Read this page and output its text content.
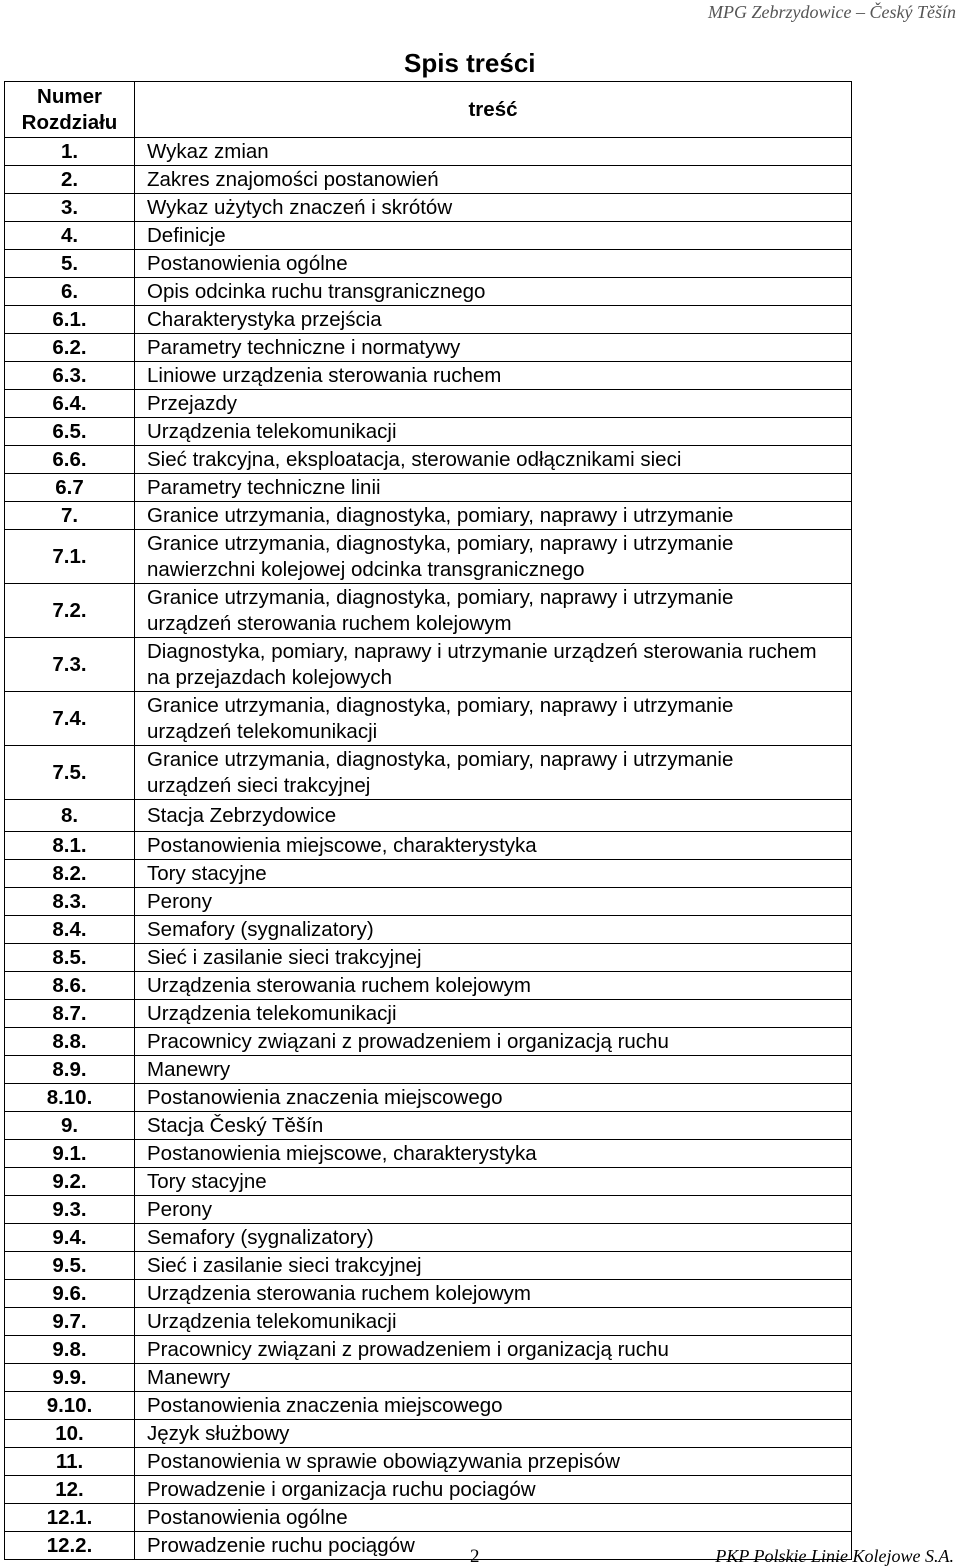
MPG Zebrzydowice – Český Těšín
Spis treści
Numer Rozdziału	treść
1.	Wykaz zmian
2.	Zakres znajomości postanowień
3.	Wykaz użytych znaczeń i skrótów
4.	Definicje
5.	Postanowienia ogólne
6.	Opis odcinka ruchu transgranicznego
6.1.	Charakterystyka przejścia
6.2.	Parametry techniczne i normatywy
6.3.	Liniowe urządzenia sterowania ruchem
6.4.	Przejazdy
6.5.	Urządzenia telekomunikacji
6.6.	Sieć trakcyjna, eksploatacja, sterowanie odłącznikami sieci
6.7	Parametry techniczne linii
7.	Granice utrzymania, diagnostyka, pomiary, naprawy i utrzymanie
7.1.	Granice utrzymania, diagnostyka, pomiary, naprawy i utrzymanie nawierzchni kolejowej odcinka transgranicznego
7.2.	Granice utrzymania, diagnostyka, pomiary, naprawy i utrzymanie urządzeń sterowania ruchem kolejowym
7.3.	Diagnostyka, pomiary, naprawy i utrzymanie urządzeń sterowania ruchem na przejazdach kolejowych
7.4.	Granice utrzymania, diagnostyka, pomiary, naprawy i utrzymanie urządzeń telekomunikacji
7.5.	Granice utrzymania, diagnostyka, pomiary, naprawy i utrzymanie urządzeń sieci trakcyjnej
8.	Stacja Zebrzydowice
8.1.	Postanowienia miejscowe, charakterystyka
8.2.	Tory stacyjne
8.3.	Perony
8.4.	Semafory (sygnalizatory)
8.5.	Sieć i zasilanie sieci trakcyjnej
8.6.	Urządzenia sterowania ruchem kolejowym
8.7.	Urządzenia telekomunikacji
8.8.	Pracownicy związani z prowadzeniem i organizacją ruchu
8.9.	Manewry
8.10.	Postanowienia znaczenia miejscowego
9.	Stacja Český Těšín
9.1.	Postanowienia miejscowe, charakterystyka
9.2.	Tory stacyjne
9.3.	Perony
9.4.	Semafory (sygnalizatory)
9.5.	Sieć i zasilanie sieci trakcyjnej
9.6.	Urządzenia sterowania ruchem kolejowym
9.7.	Urządzenia telekomunikacji
9.8.	Pracownicy związani z prowadzeniem i organizacją ruchu
9.9.	Manewry
9.10.	Postanowienia znaczenia miejscowego
10.	Język służbowy
11.	Postanowienia w sprawie obowiązywania przepisów
12.	Prowadzenie i organizacja ruchu pociagów
12.1.	Postanowienia ogólne
12.2.	Prowadzenie ruchu pociągów	2	PKP Polskie Linie Kolejowe S.A.
